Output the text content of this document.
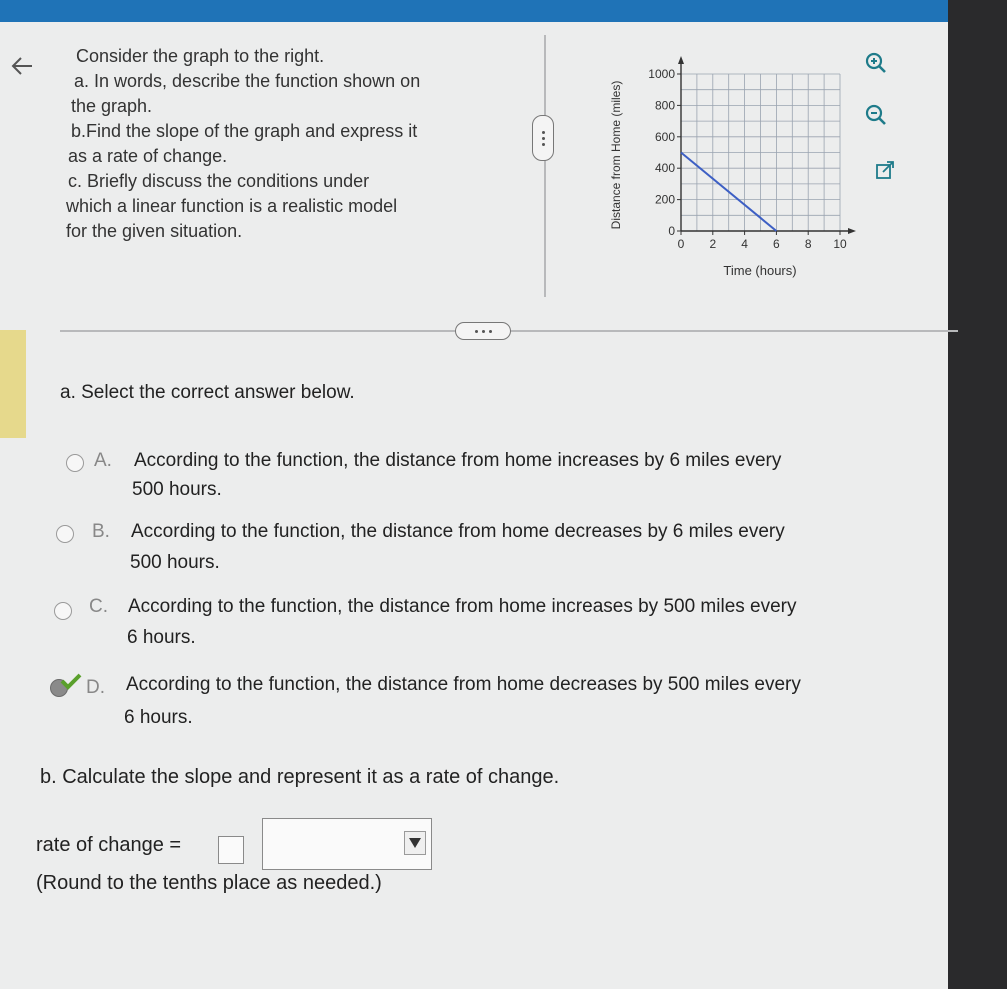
Consider the graph to the right.

a. In words, describe the function shown on

the graph.

b.Find the slope of the graph and express it

as a rate of change.

c. Briefly discuss the conditions under

which a linear function is a realistic model

for the given situation.

Distance from Home (miles)
0 2 4 6 8 10
0
200
400
600
800
1000
Time (hours)
a. Select the correct answer below.
A. According to the function, the distance from home increases by 6 miles every
500 hours.
B. According to the function, the distance from home decreases by 6 miles every
500 hours.
C. According to the function, the distance from home increases by 500 miles every
6 hours.
D. According to the function, the distance from home decreases by 500 miles every
6 hours.
b. Calculate the slope and represent it as a rate of change.
rate of change =
(Round to the tenths place as needed.)
